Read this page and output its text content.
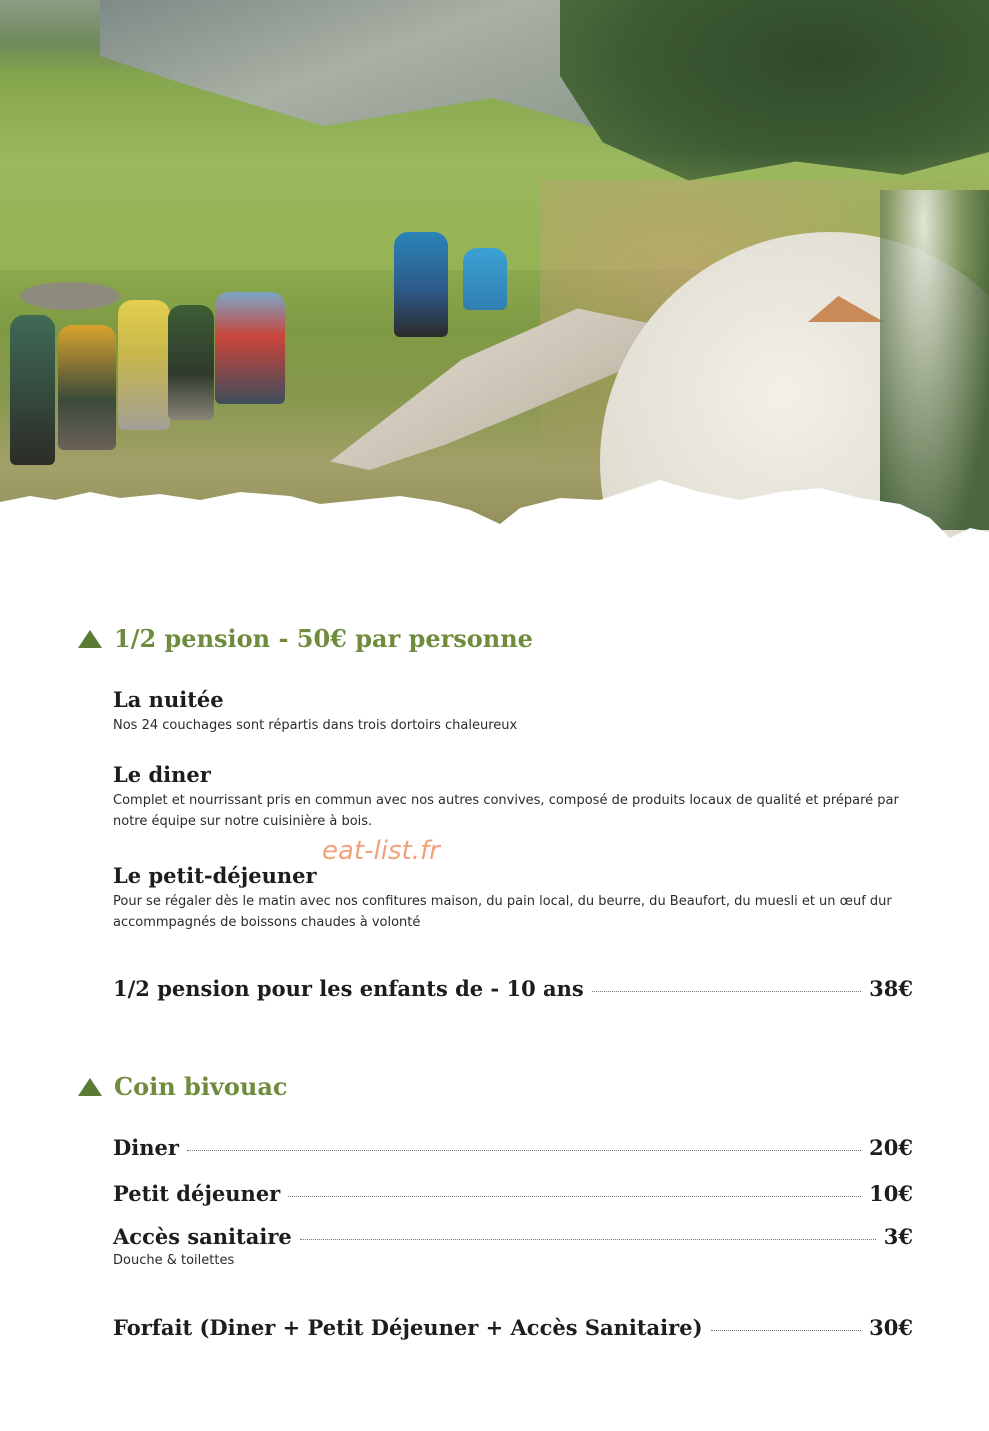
1/2 pension - 50€ par personne
La nuitée
Nos 24 couchages sont répartis dans trois dortoirs chaleureux
Le diner
Complet et nourrissant pris en commun avec nos autres convives, composé de produits locaux de qualité et préparé par notre équipe sur notre cuisinière à bois.
Le petit-déjeuner
Pour se régaler dès le matin avec nos confitures maison, du pain local, du beurre, du Beaufort, du muesli et un œuf dur accommpagnés de boissons chaudes à volonté
eat-list.fr
1/2 pension pour les enfants de - 10 ans	38€
Coin bivouac
Diner	20€
Petit déjeuner	10€
Accès sanitaire	3€
Douche & toilettes
Forfait (Diner + Petit Déjeuner + Accès Sanitaire)	30€
